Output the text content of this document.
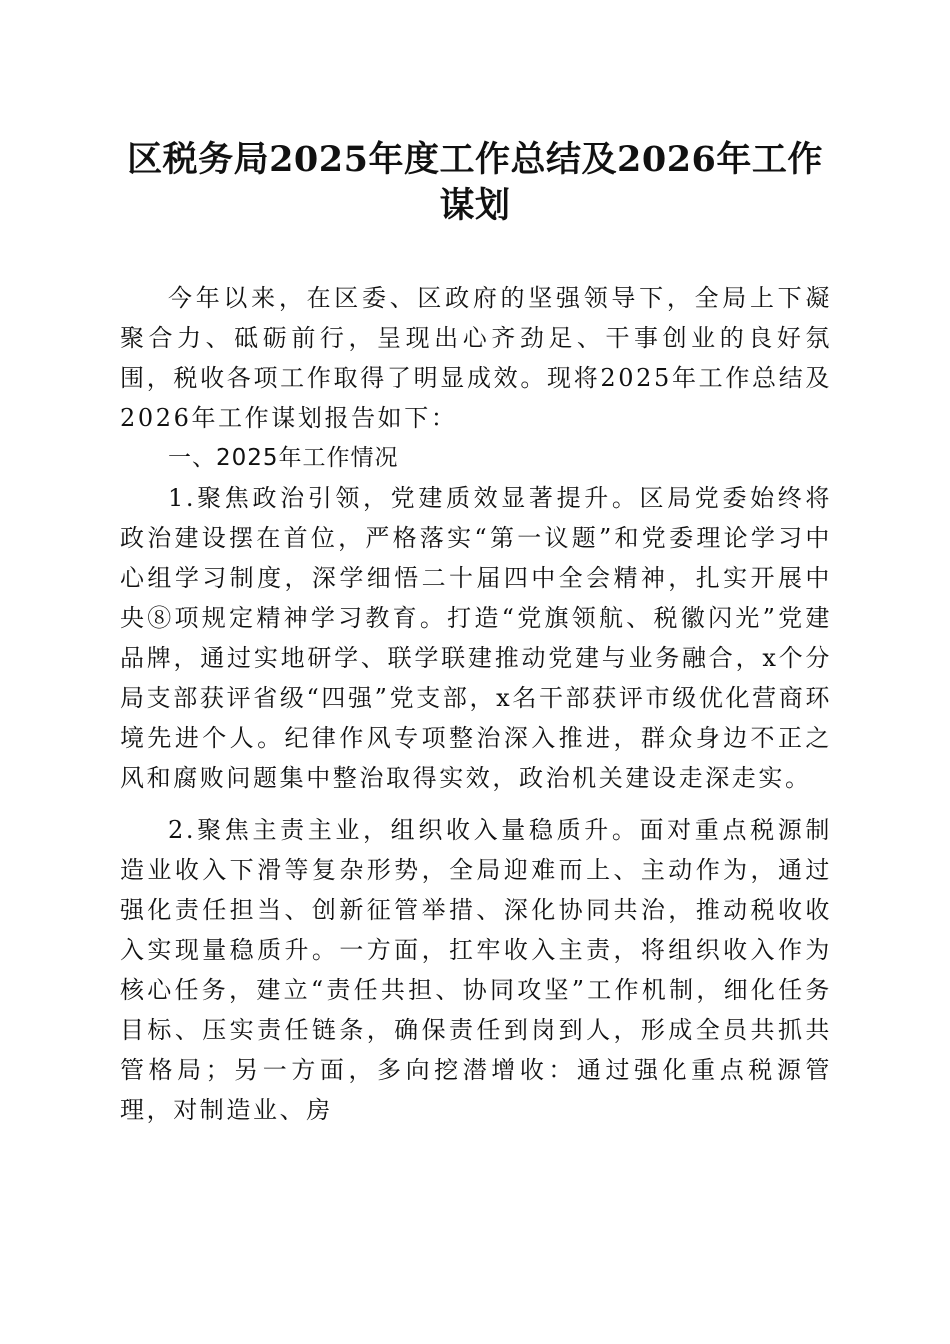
区税务局2025年度工作总结及2026年工作谋划

今年以来，在区委、区政府的坚强领导下，全局上下凝聚合力、砥砺前行，呈现出心齐劲足、干事创业的良好氛围，税收各项工作取得了明显成效。现将2025年工作总结及2026年工作谋划报告如下：

一、2025年工作情况

1.聚焦政治引领，党建质效显著提升。区局党委始终将政治建设摆在首位，严格落实“第一议题”和党委理论学习中心组学习制度，深学细悟二十届四中全会精神，扎实开展中央⑧项规定精神学习教育。打造“党旗领航、税徽闪光”党建品牌，通过实地研学、联学联建推动党建与业务融合，x个分局支部获评省级“四强”党支部，x名干部获评市级优化营商环境先进个人。纪律作风专项整治深入推进，群众身边不正之风和腐败问题集中整治取得实效，政治机关建设走深走实。

2.聚焦主责主业，组织收入量稳质升。面对重点税源制造业收入下滑等复杂形势，全局迎难而上、主动作为，通过强化责任担当、创新征管举措、深化协同共治，推动税收收入实现量稳质升。一方面，扛牢收入主责，将组织收入作为核心任务，建立“责任共担、协同攻坚”工作机制，细化任务目标、压实责任链条，确保责任到岗到人，形成全员共抓共管格局；另一方面，多向挖潜增收：通过强化重点税源管理，对制造业、房
